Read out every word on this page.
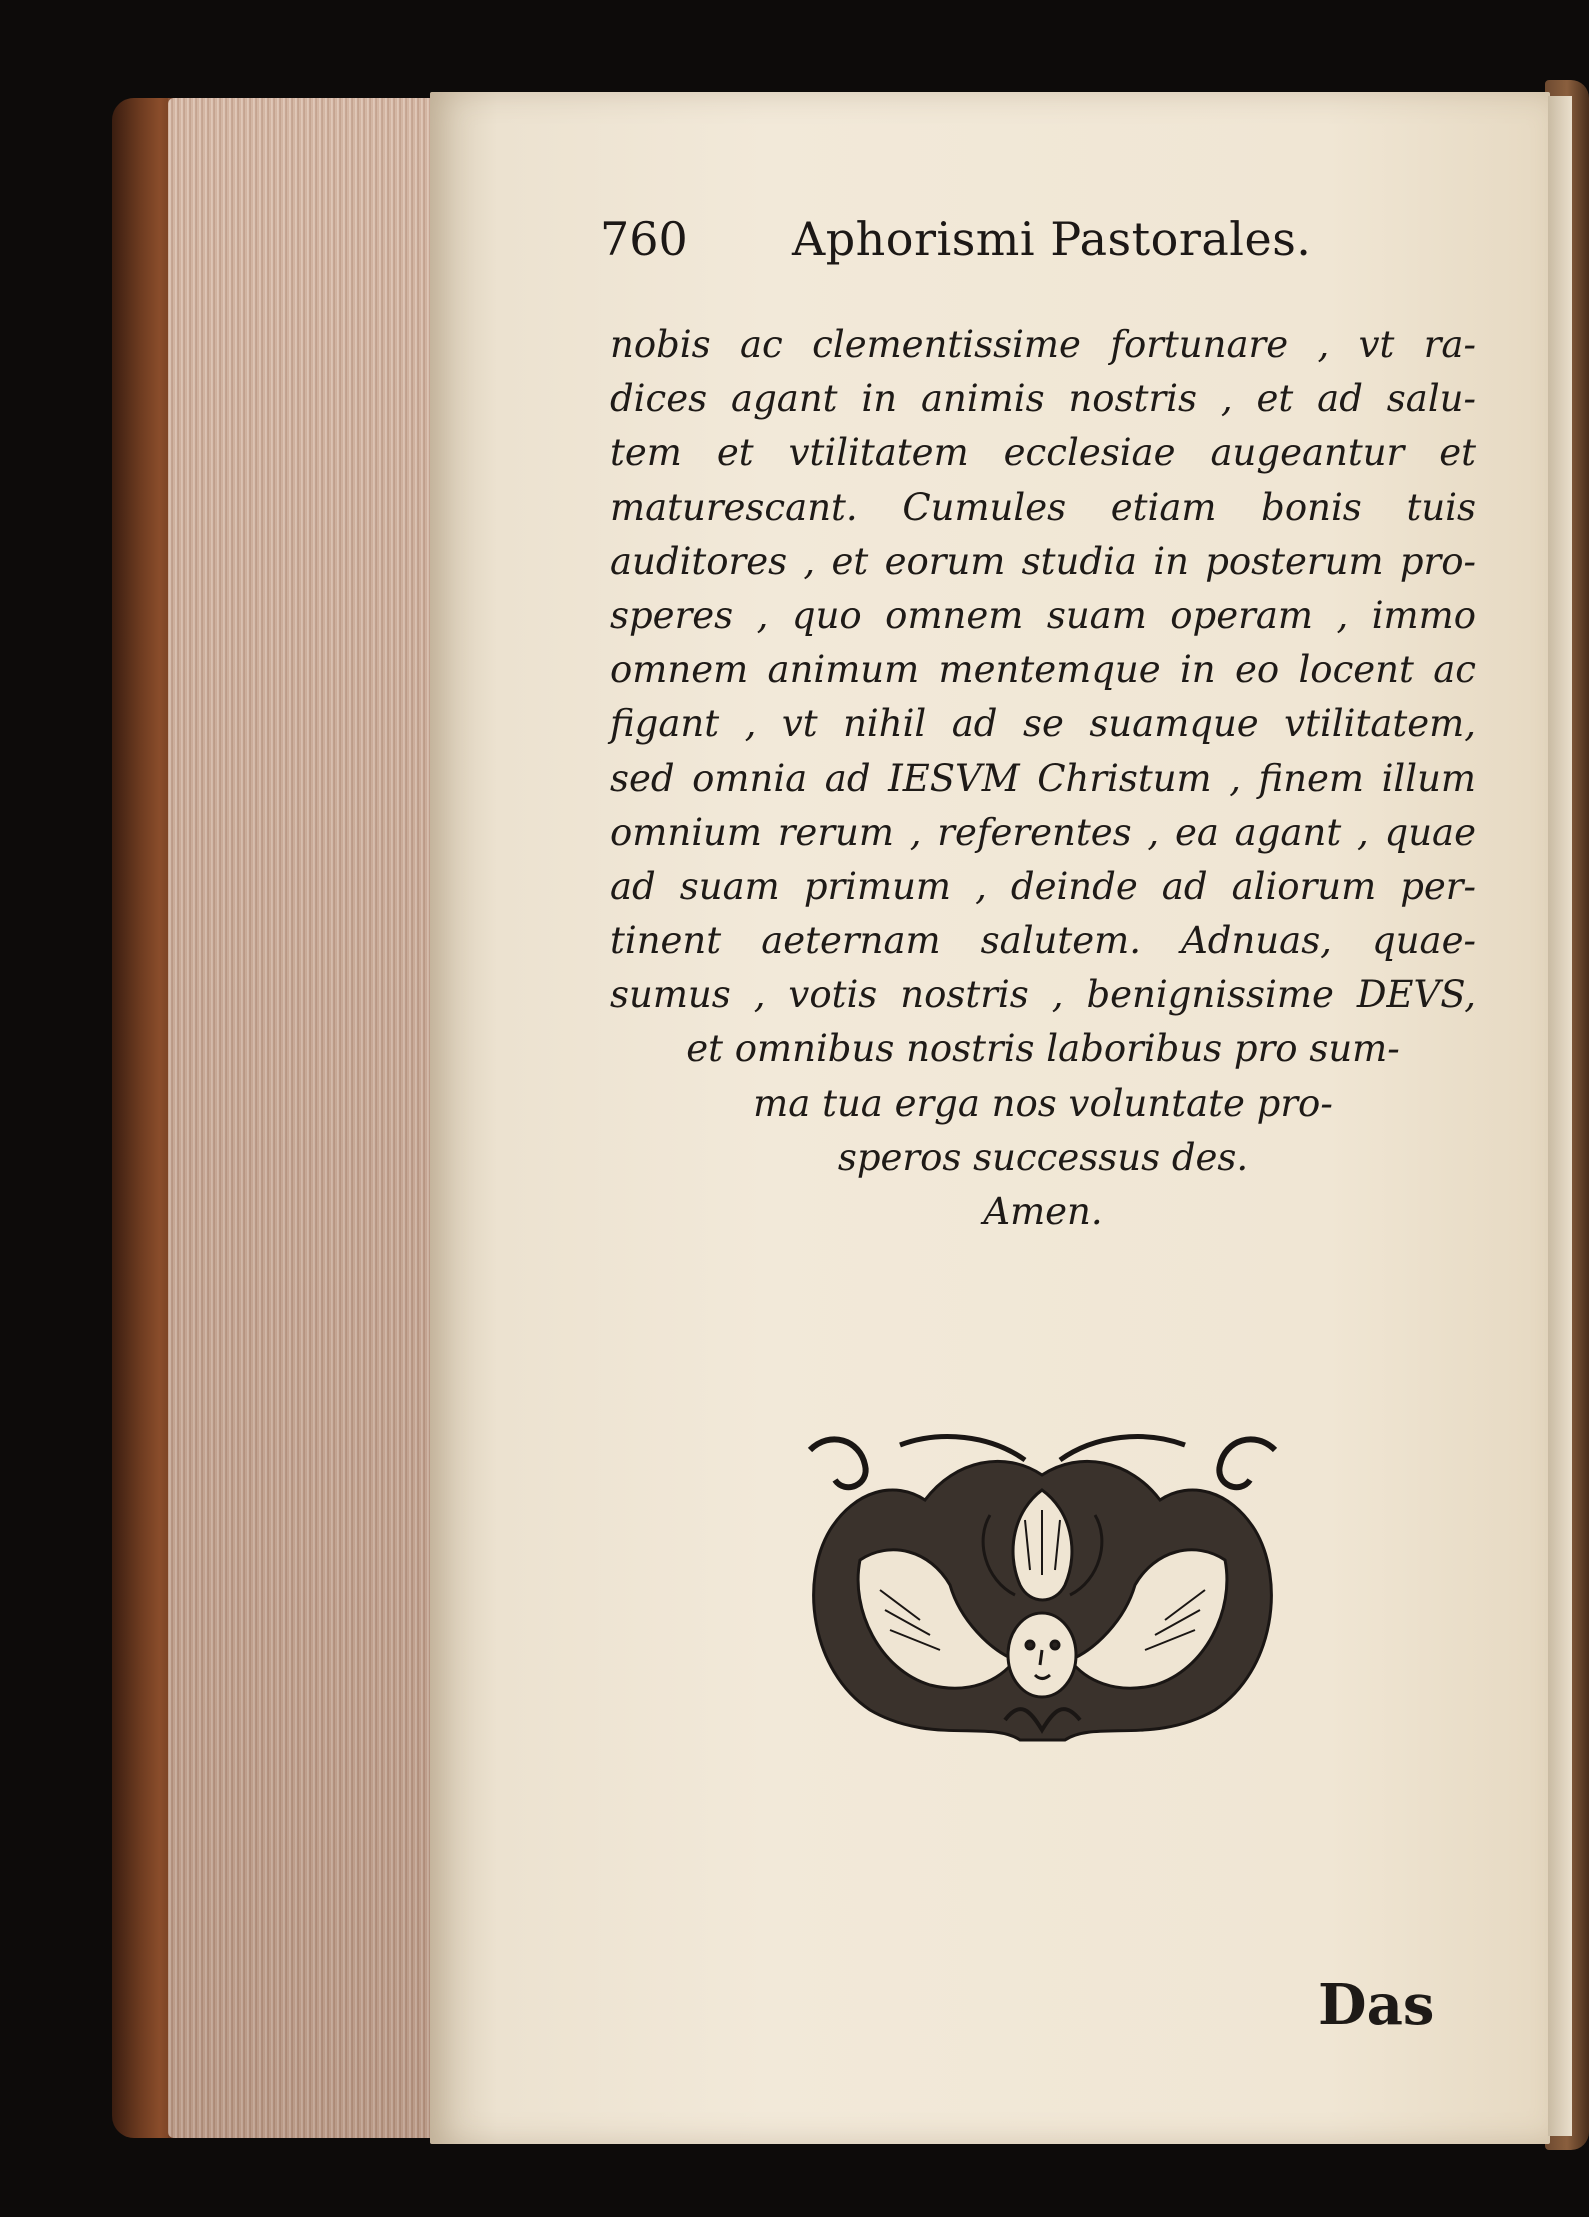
760 Aphorismi Pastorales.
nobis ac clementissime fortunare , vt ra-
dices agant in animis nostris , et ad salu-
tem et vtilitatem ecclesiae augeantur et
maturescant. Cumules etiam bonis tuis
auditores , et eorum studia in posterum pro-
speres , quo omnem suam operam , immo
omnem animum mentemque in eo locent ac
figant , vt nihil ad se suamque vtilitatem,
sed omnia ad IESVM Christum , finem illum
omnium rerum , referentes , ea agant , quae
ad suam primum , deinde ad aliorum per-
tinent aeternam salutem. Adnuas, quae-
sumus , votis nostris , benignissime DEVS,
et omnibus nostris laboribus pro sum-
ma tua erga nos voluntate pro-
speros successus des.
Amen.
Das
